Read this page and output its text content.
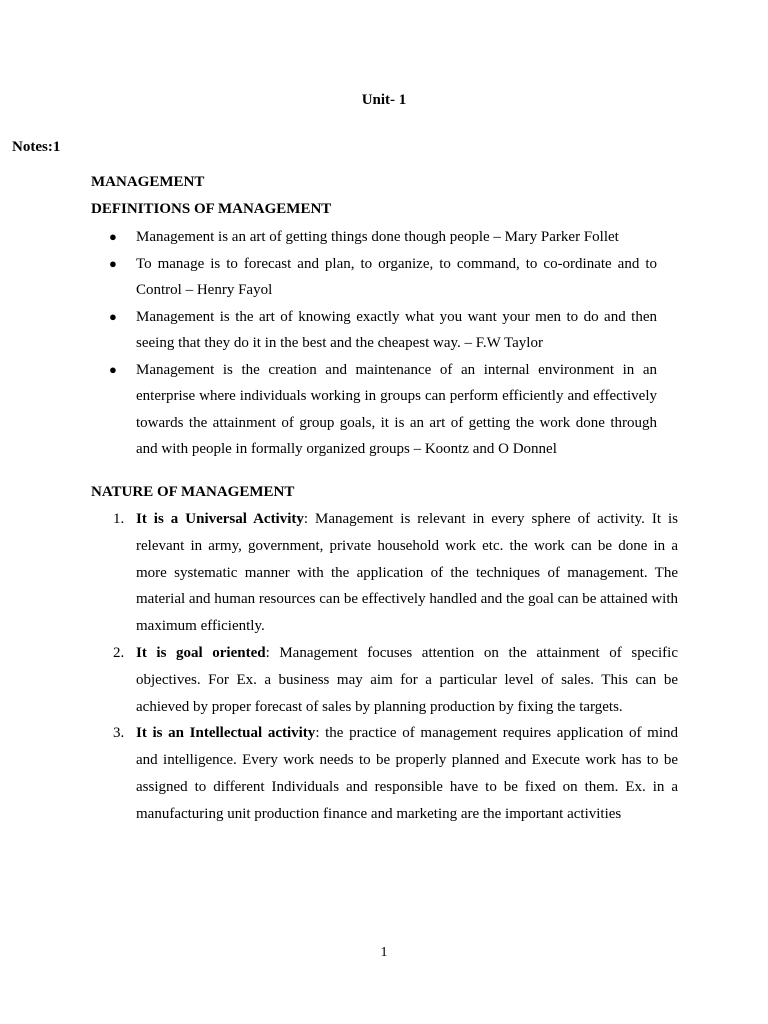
Unit- 1
Notes:1
MANAGEMENT
DEFINITIONS OF MANAGEMENT
● Management is an art of getting things done though people – Mary Parker Follet
● To manage is to forecast and plan, to organize, to command, to co-ordinate and to Control – Henry Fayol
● Management is the art of knowing exactly what you want your men to do and then seeing that they do it in the best and the cheapest way. – F.W Taylor
● Management is the creation and maintenance of an internal environment in an enterprise where individuals working in groups can perform efficiently and effectively towards the attainment of group goals, it is an art of getting the work done through and with people in formally organized groups – Koontz and O Donnel
NATURE OF MANAGEMENT
1. It is a Universal Activity: Management is relevant in every sphere of activity. It is relevant in army, government, private household work etc. the work can be done in a more systematic manner with the application of the techniques of management. The material and human resources can be effectively handled and the goal can be attained with maximum efficiently.
2. It is goal oriented: Management focuses attention on the attainment of specific objectives. For Ex. a business may aim for a particular level of sales. This can be achieved by proper forecast of sales by planning production by fixing the targets.
3. It is an Intellectual activity: the practice of management requires application of mind and intelligence. Every work needs to be properly planned and Execute work has to be assigned to different Individuals and responsible have to be fixed on them. Ex. in a manufacturing unit production finance and marketing are the important activities
1
